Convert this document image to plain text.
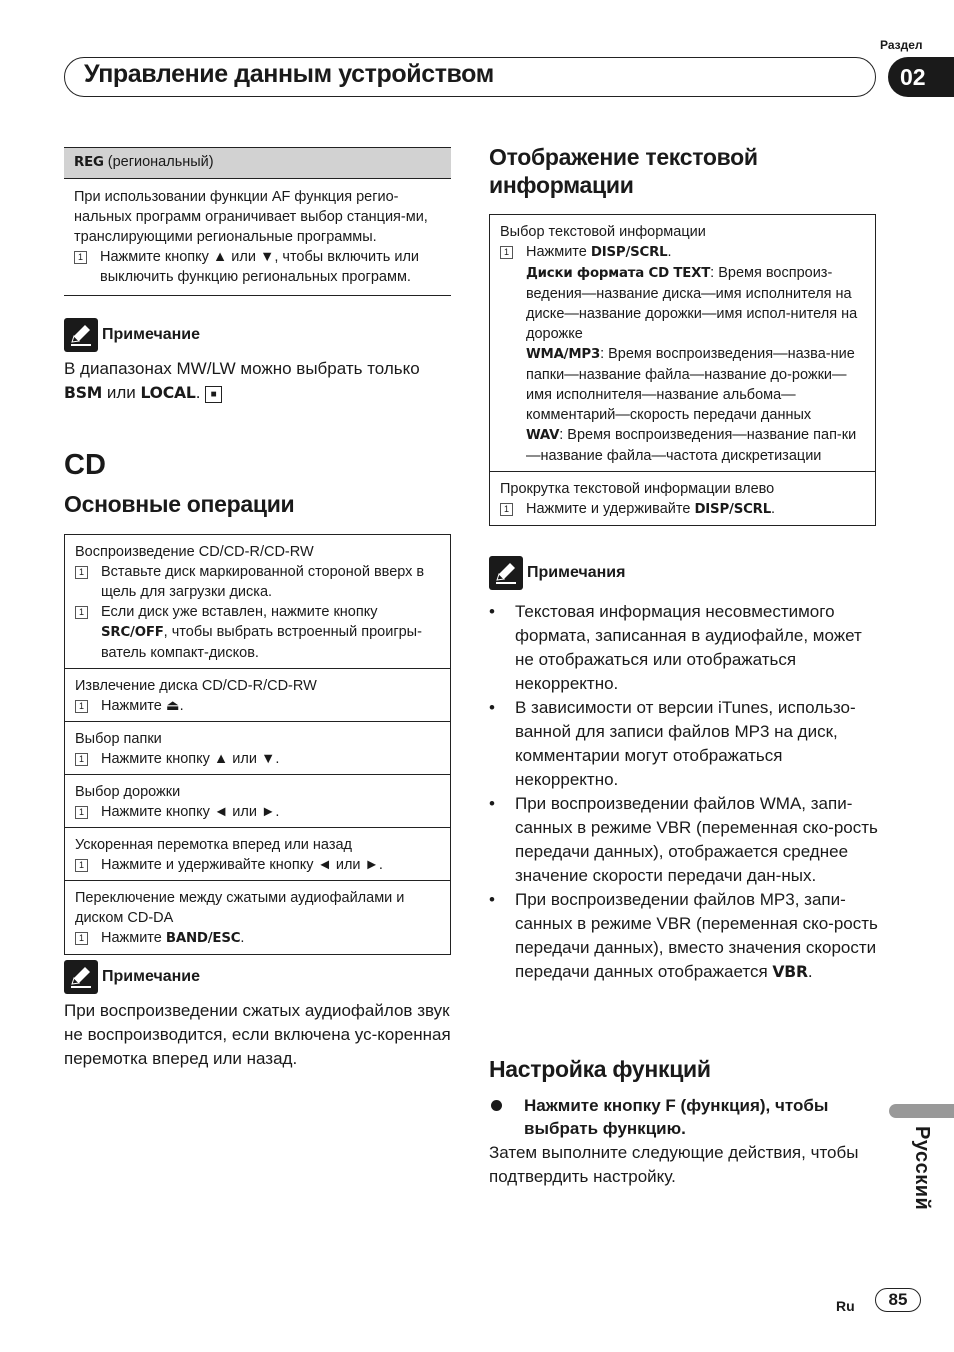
Раздел
Управление данным устройством	02
REG (региональный)
При использовании функции AF функция регио-нальных программ ограничивает выбор станция-ми, транслирующими региональные программы.
1 Нажмите кнопку ▲ или ▼, чтобы включить или выключить функцию региональных программ.
Примечание
В диапазонах MW/LW можно выбрать только BSM или LOCAL. ■
CD
Основные операции
Воспроизведение CD/CD-R/CD-RW
1 Вставьте диск маркированной стороной вверх в щель для загрузки диска.
1 Если диск уже вставлен, нажмите кнопку SRC/OFF, чтобы выбрать встроенный проигры-ватель компакт-дисков.
Извлечение диска CD/CD-R/CD-RW
1 Нажмите ⏏.
Выбор папки
1 Нажмите кнопку ▲ или ▼.
Выбор дорожки
1 Нажмите кнопку ◄ или ►.
Ускоренная перемотка вперед или назад
1 Нажмите и удерживайте кнопку ◄ или ►.
Переключение между сжатыми аудиофайлами и диском CD-DA
1 Нажмите BAND/ESC.
Примечание
При воспроизведении сжатых аудиофайлов звук не воспроизводится, если включена ус-коренная перемотка вперед или назад.
Отображение текстовой информации
Выбор текстовой информации
1 Нажмите DISP/SCRL.
Диски формата CD TEXT: Время воспроиз-ведения—название диска—имя исполнителя на диске—название дорожки—имя испол-нителя на дорожке
WMA/MP3: Время воспроизведения—назва-ние папки—название файла—название до-рожки—имя исполнителя—название альбома—комментарий—скорость передачи данных
WAV: Время воспроизведения—название пап-ки—название файла—частота дискретизации
Прокрутка текстовой информации влево
1 Нажмите и удерживайте DISP/SCRL.
Примечания
• Текстовая информация несовместимого формата, записанная в аудиофайле, может не отображаться или отображаться некорректно.
• В зависимости от версии iTunes, использо-ванной для записи файлов MP3 на диск, комментарии могут отображаться некорректно.
• При воспроизведении файлов WMA, запи-санных в режиме VBR (переменная ско-рость передачи данных), отображается среднее значение скорости передачи дан-ных.
• При воспроизведении файлов MP3, запи-санных в режиме VBR (переменная ско-рость передачи данных), вместо значения скорости передачи данных отображается VBR.
Настройка функций
Нажмите кнопку F (функция), чтобы выбрать функцию.
Затем выполните следующие действия, чтобы подтвердить настройку.	Русский
Ru	85
